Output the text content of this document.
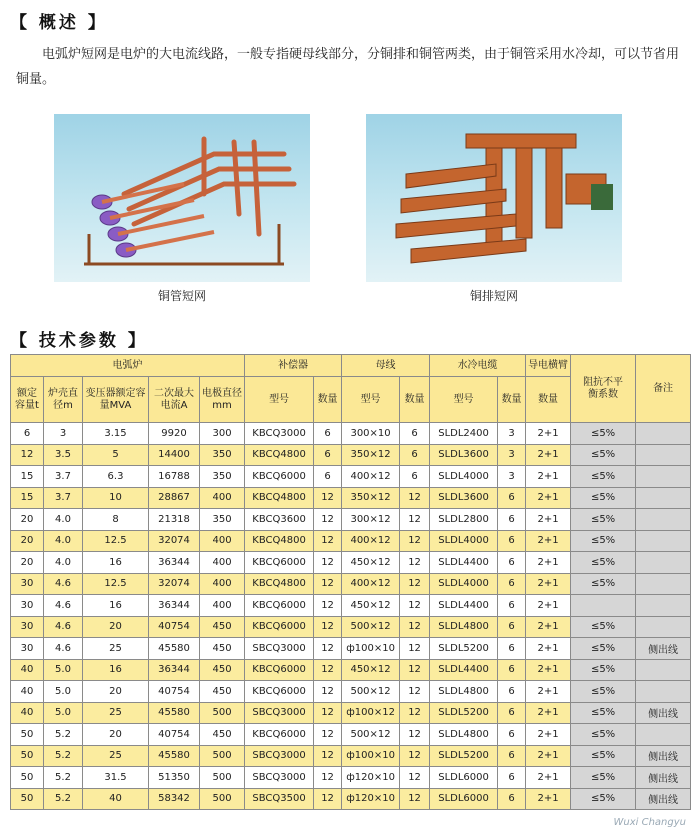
【 概述 】
电弧炉短网是电炉的大电流线路，一般专指硬母线部分，分铜排和铜管两类，由于铜管采用水冷却，可以节省用铜量。
铜管短网	铜排短网
【 技术参数 】
电弧炉					补偿器		母线		水冷电缆		导电横臂	阻抗不平衡系数	备注
额定容量t	炉壳直径m	变压器额定容量MVA	二次最大电流A	电极直径mm	型号	数量	型号	数量	型号	数量	数量		
6	3	3.15	9920	300	KBCQ3000	6	300×10	6	SLDL2400	3	2+1	≤5%	
12	3.5	5	14400	350	KBCQ4800	6	350×12	6	SLDL3600	3	2+1	≤5%	
15	3.7	6.3	16788	350	KBCQ6000	6	400×12	6	SLDL4000	3	2+1	≤5%	
15	3.7	10	28867	400	KBCQ4800	12	350×12	12	SLDL3600	6	2+1	≤5%	
20	4.0	8	21318	350	KBCQ3600	12	300×12	12	SLDL2800	6	2+1	≤5%	
20	4.0	12.5	32074	400	KBCQ4800	12	400×12	12	SLDL4000	6	2+1	≤5%	
20	4.0	16	36344	400	KBCQ6000	12	450×12	12	SLDL4400	6	2+1	≤5%	
30	4.6	12.5	32074	400	KBCQ4800	12	400×12	12	SLDL4000	6	2+1	≤5%	
30	4.6	16	36344	400	KBCQ6000	12	450×12	12	SLDL4400	6	2+1		
30	4.6	20	40754	450	KBCQ6000	12	500×12	12	SLDL4800	6	2+1	≤5%	
30	4.6	25	45580	450	SBCQ3000	12	ф100×10	12	SLDL5200	6	2+1	≤5%	侧出线
40	5.0	16	36344	450	KBCQ6000	12	450×12	12	SLDL4400	6	2+1	≤5%	
40	5.0	20	40754	450	KBCQ6000	12	500×12	12	SLDL4800	6	2+1	≤5%	
40	5.0	25	45580	500	SBCQ3000	12	ф100×12	12	SLDL5200	6	2+1	≤5%	侧出线
50	5.2	20	40754	450	KBCQ6000	12	500×12	12	SLDL4800	6	2+1	≤5%	
50	5.2	25	45580	500	SBCQ3000	12	ф100×10	12	SLDL5200	6	2+1	≤5%	侧出线
50	5.2	31.5	51350	500	SBCQ3000	12	ф120×10	12	SLDL6000	6	2+1	≤5%	侧出线
50	5.2	40	58342	500	SBCQ3500	12	ф120×10	12	SLDL6000	6	2+1	≤5%	侧出线
Wuxi Changyu
